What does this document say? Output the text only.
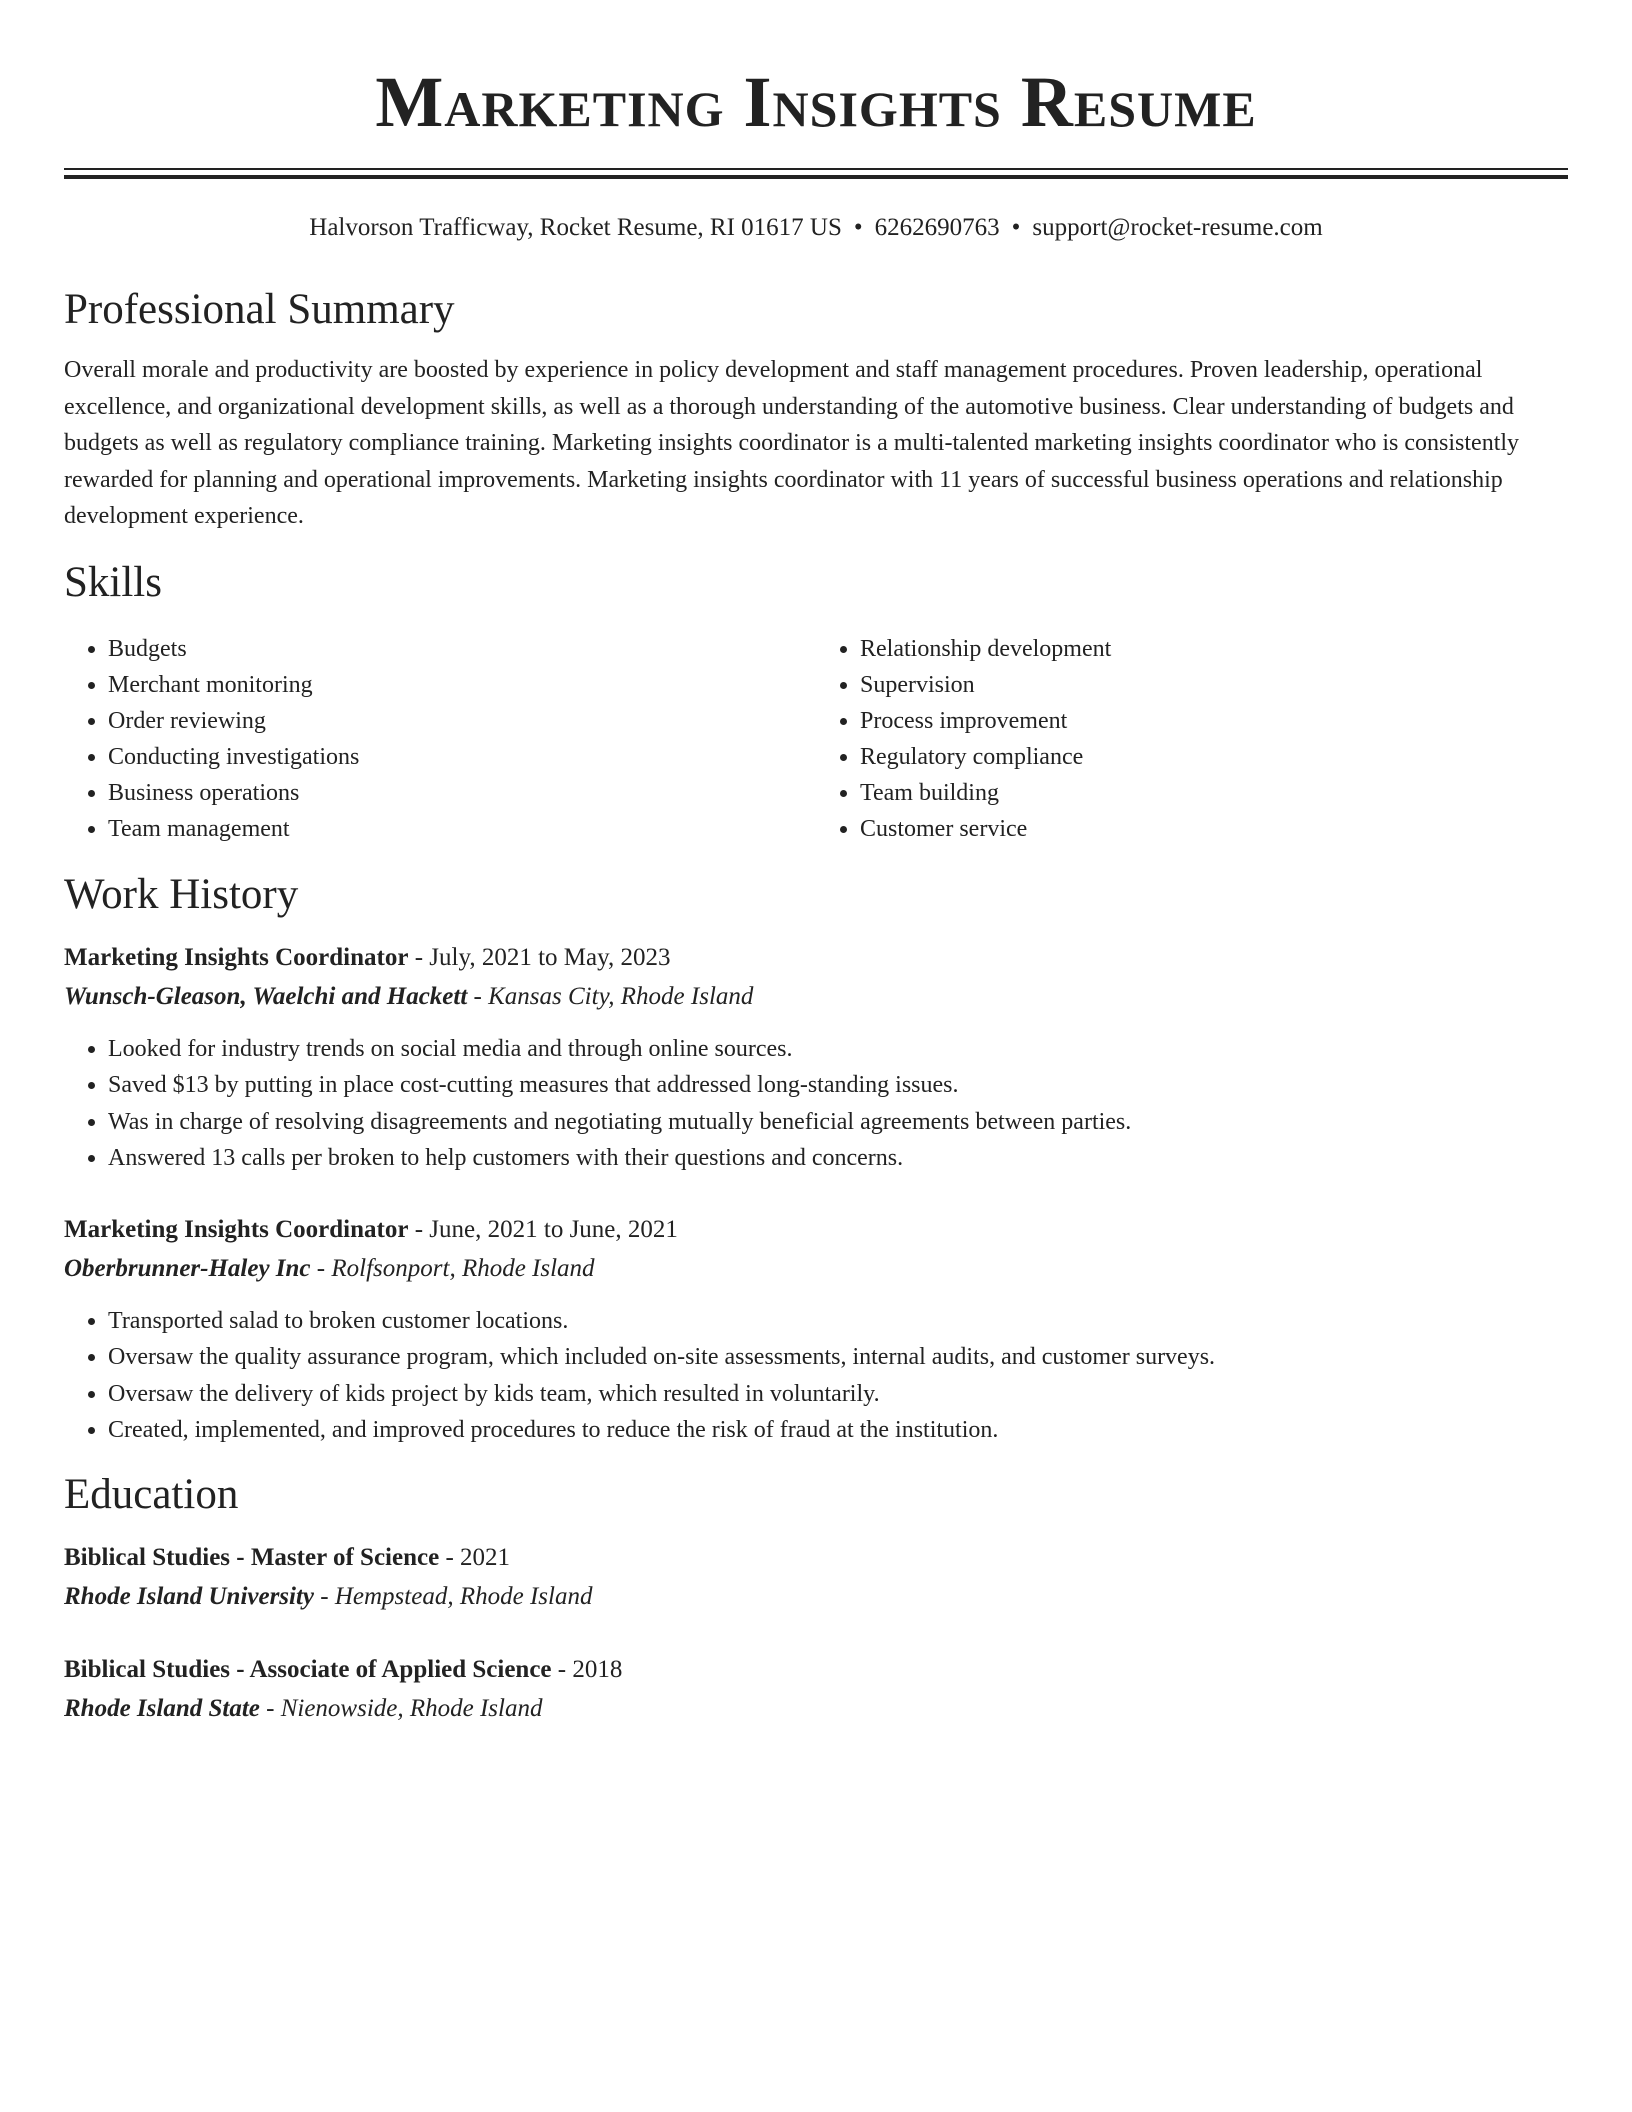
Marketing Insights Resume
Halvorson Trafficway, Rocket Resume, RI 01617 US • 6262690763 • support@rocket-resume.com
Professional Summary

Overall morale and productivity are boosted by experience in policy development and staff management procedures. Proven leadership, operational excellence, and organizational development skills, as well as a thorough understanding of the automotive business. Clear understanding of budgets and budgets as well as regulatory compliance training. Marketing insights coordinator is a multi-talented marketing insights coordinator who is consistently rewarded for planning and operational improvements. Marketing insights coordinator with 11 years of successful business operations and relationship development experience.

Skills
• Budgets
• Merchant monitoring
• Order reviewing
• Conducting investigations
• Business operations
• Team management
• Relationship development
• Supervision
• Process improvement
• Regulatory compliance
• Team building
• Customer service
Work History
Marketing Insights Coordinator - July, 2021 to May, 2023
Wunsch-Gleason, Waelchi and Hackett - Kansas City, Rhode Island
• Looked for industry trends on social media and through online sources.
• Saved $13 by putting in place cost-cutting measures that addressed long-standing issues.
• Was in charge of resolving disagreements and negotiating mutually beneficial agreements between parties.
• Answered 13 calls per broken to help customers with their questions and concerns.
Marketing Insights Coordinator - June, 2021 to June, 2021
Oberbrunner-Haley Inc - Rolfsonport, Rhode Island
• Transported salad to broken customer locations.
• Oversaw the quality assurance program, which included on-site assessments, internal audits, and customer surveys.
• Oversaw the delivery of kids project by kids team, which resulted in voluntarily.
• Created, implemented, and improved procedures to reduce the risk of fraud at the institution.
Education
Biblical Studies - Master of Science - 2021
Rhode Island University - Hempstead, Rhode Island
Biblical Studies - Associate of Applied Science - 2018
Rhode Island State - Nienowside, Rhode Island
